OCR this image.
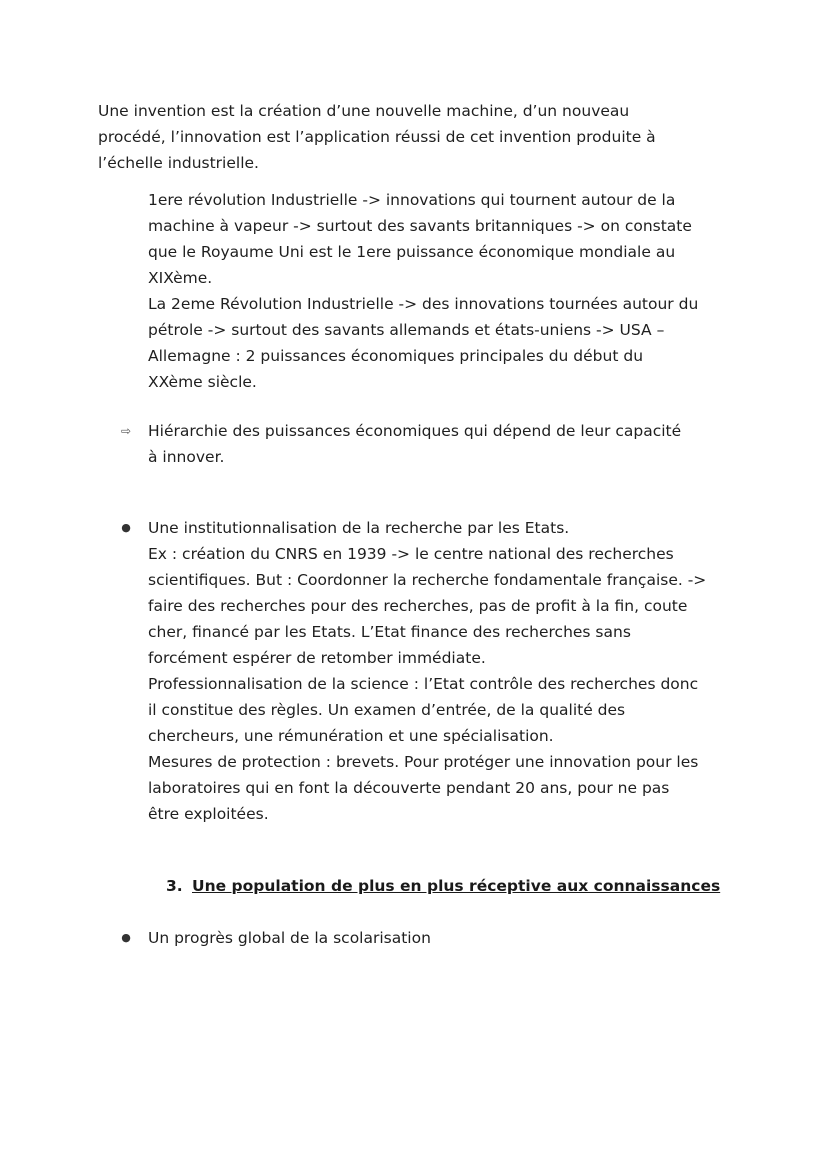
Une invention est la création d’une nouvelle machine, d’un nouveau
procédé, l’innovation est l’application réussi de cet invention produite à
l’échelle industrielle.
1ere révolution Industrielle -> innovations qui tournent autour de la
machine à vapeur -> surtout des savants britanniques -> on constate
que le Royaume Uni est le 1ere puissance économique mondiale au
XIXème.
La 2eme Révolution Industrielle -> des innovations tournées autour du
pétrole -> surtout des savants allemands et états-uniens -> USA –
Allemagne : 2 puissances économiques principales du début du
XXème siècle.
⇨ Hiérarchie des puissances économiques qui dépend de leur capacité
à innover.
● Une institutionnalisation de la recherche par les Etats.
Ex : création du CNRS en 1939 -> le centre national des recherches
scientifiques. But : Coordonner la recherche fondamentale française. ->
faire des recherches pour des recherches, pas de profit à la fin, coute
cher, financé par les Etats. L’Etat finance des recherches sans
forcément espérer de retomber immédiate.
Professionnalisation de la science : l’Etat contrôle des recherches donc
il constitue des règles. Un examen d’entrée, de la qualité des
chercheurs, une rémunération et une spécialisation.
Mesures de protection : brevets. Pour protéger une innovation pour les
laboratoires qui en font la découverte pendant 20 ans, pour ne pas
être exploitées.
3. Une population de plus en plus réceptive aux connaissances
● Un progrès global de la scolarisation
